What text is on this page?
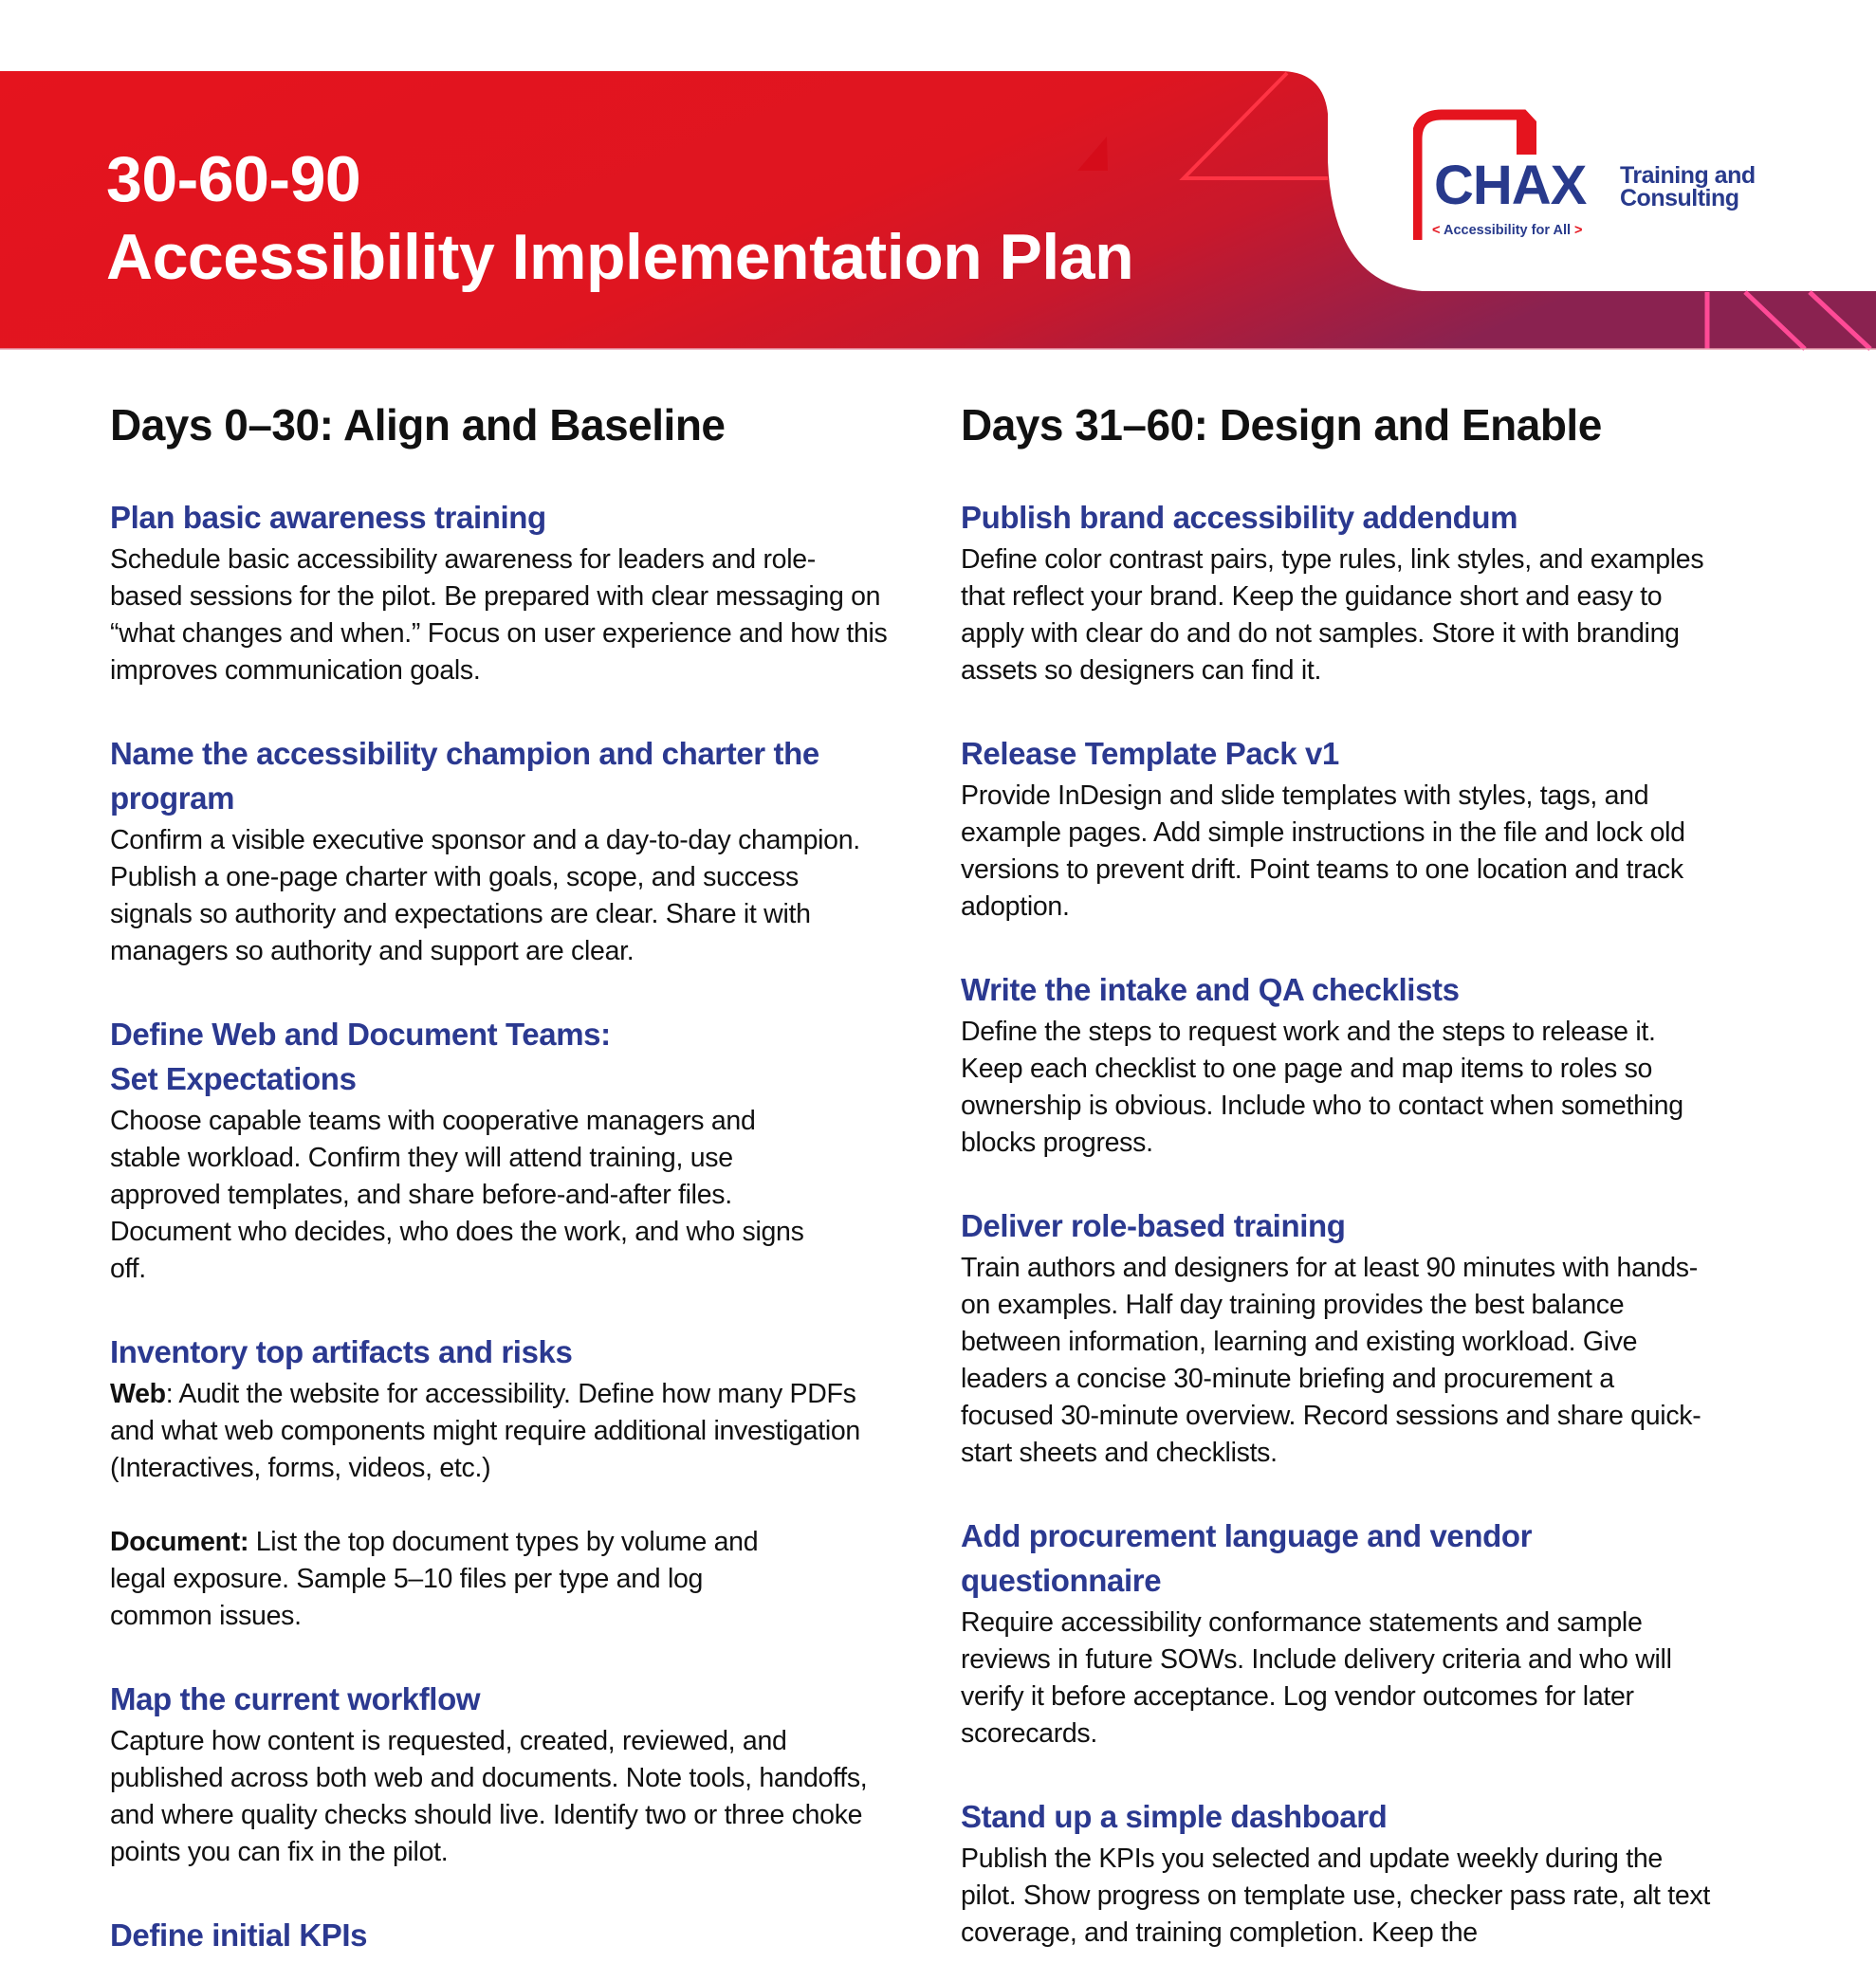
30-60-90
Accessibility Implementation Plan
CHAX Training and
Consulting
< Accessibility for All >
Days 0–30: Align and Baseline
Plan basic awareness training
Schedule basic accessibility awareness for leaders and role-based sessions for the pilot. Be prepared with clear messaging on “what changes and when.” Focus on user experience and how this improves communication goals.
Name the accessibility champion and charter the program
Confirm a visible executive sponsor and a day-to-day champion. Publish a one-page charter with goals, scope, and success signals so authority and expectations are clear. Share it with managers so authority and support are clear.
Define Web and Document Teams:
Set Expectations
Choose capable teams with cooperative managers and stable workload. Confirm they will attend training, use approved templates, and share before-and-after files. Document who decides, who does the work, and who signs off.
Inventory top artifacts and risks

Web: Audit the website for accessibility. Define how many PDFs and what web components might require additional investigation (Interactives, forms, videos, etc.)

Document: List the top document types by volume and legal exposure. Sample 5–10 files per type and log common issues.

Map the current workflow
Capture how content is requested, created, reviewed, and published across both web and documents. Note tools, handoffs, and where quality checks should live. Identify two or three choke points you can fix in the pilot.
Define initial KPIs
Days 31–60: Design and Enable
Publish brand accessibility addendum
Define color contrast pairs, type rules, link styles, and examples that reflect your brand. Keep the guidance short and easy to apply with clear do and do not samples. Store it with branding assets so designers can find it.
Release Template Pack v1
Provide InDesign and slide templates with styles, tags, and example pages. Add simple instructions in the file and lock old versions to prevent drift. Point teams to one location and track adoption.
Write the intake and QA checklists
Define the steps to request work and the steps to release it. Keep each checklist to one page and map items to roles so ownership is obvious. Include who to contact when something blocks progress.
Deliver role-based training
Train authors and designers for at least 90 minutes with hands-on examples. Half day training provides the best balance between information, learning and existing workload. Give leaders a concise 30-minute briefing and procurement a focused 30-minute overview. Record sessions and share quick-start sheets and checklists.
Add procurement language and vendor questionnaire
Require accessibility conformance statements and sample reviews in future SOWs. Include delivery criteria and who will verify it before acceptance. Log vendor outcomes for later scorecards.
Stand up a simple dashboard
Publish the KPIs you selected and update weekly during the pilot. Show progress on template use, checker pass rate, alt text coverage, and training completion. Keep the
